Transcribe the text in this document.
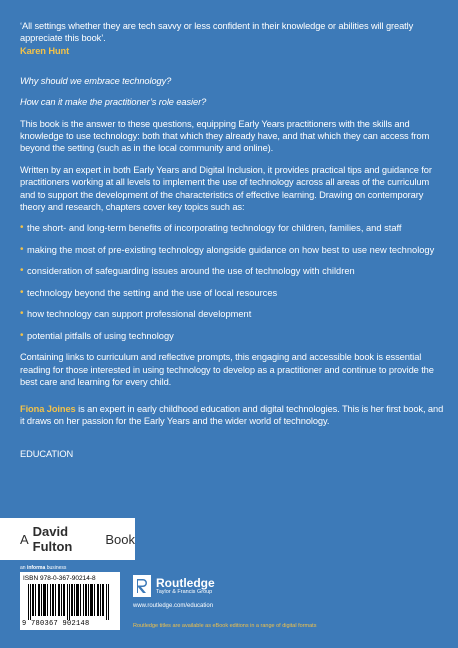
‘All settings whether they are tech savvy or less confident in their knowledge or abilities will greatly appreciate this book’.

Karen Hunt

Why should we embrace technology?

How can it make the practitioner’s role easier?

This book is the answer to these questions, equipping Early Years practitioners with the skills and knowledge to use technology: both that which they already have, and that which they can access from beyond the setting (such as in the local community and online).

Written by an expert in both Early Years and Digital Inclusion, it provides practical tips and guidance for practitioners working at all levels to implement the use of technology across all areas of the curriculum and to support the development of the characteristics of effective learning. Drawing on contemporary theory and research, chapters cover key topics such as:

• the short- and long-term benefits of incorporating technology for children, families, and staff
• making the most of pre-existing technology alongside guidance on how best to use new technology
• consideration of safeguarding issues around the use of technology with children
• technology beyond the setting and the use of local resources
• how technology can support professional development
• potential pitfalls of using technology

Containing links to curriculum and reflective prompts, this engaging and accessible book is essential reading for those interested in using technology to develop as a practitioner and continue to provide the best care and learning for every child.

Fiona Joines is an expert in early childhood education and digital technologies. This is her first book, and it draws on her passion for the Early Years and the wider world of technology.

EDUCATION

A David Fulton	Book
an informa business
ISBN 978-0-367-90214-8
9 780367 902148
Routledge
Taylor & Francis Group
www.routledge.com/education
Routledge titles are available as eBook editions in a range of digital formats
